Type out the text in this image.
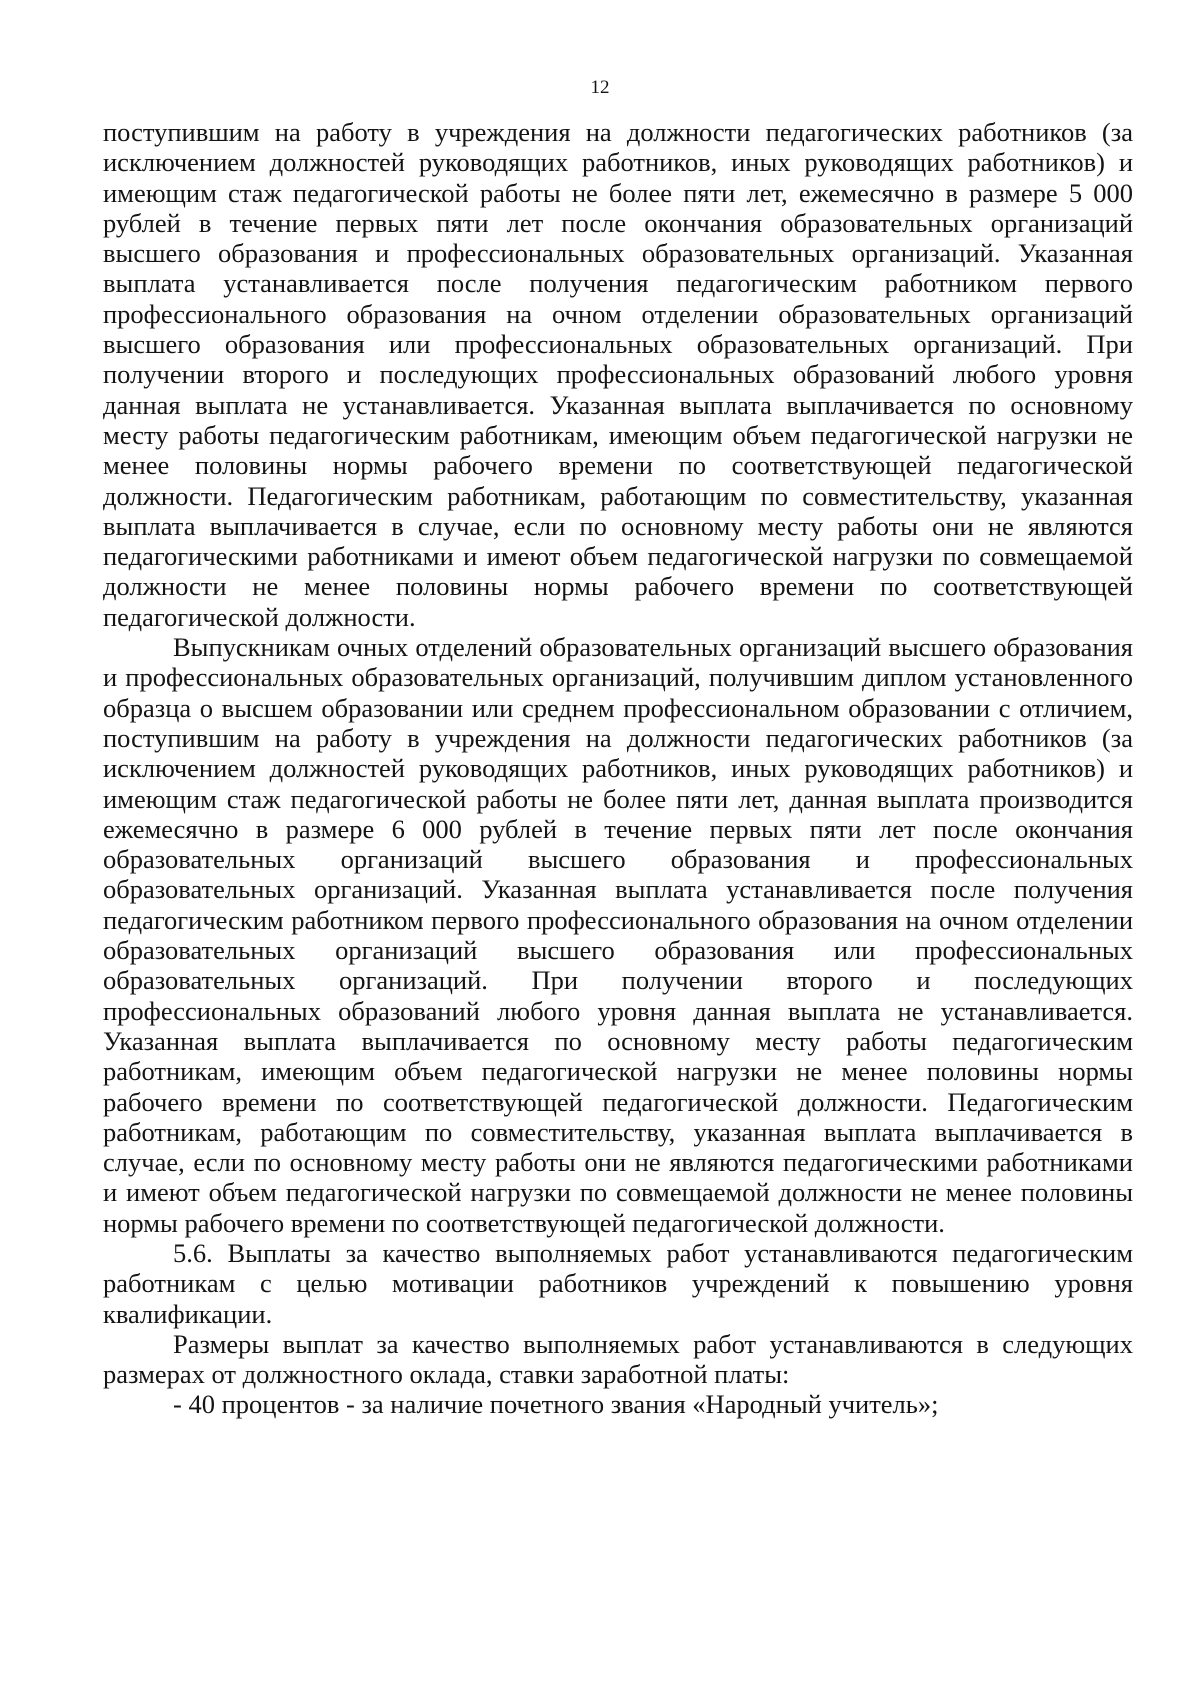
12

поступившим на работу в учреждения на должности педагогических работников (за исключением должностей руководящих работников, иных руководящих работников) и имеющим стаж педагогической работы не более пяти лет, ежемесячно в размере 5 000 рублей в течение первых пяти лет после окончания образовательных организаций высшего образования и профессиональных образовательных организаций. Указанная выплата устанавливается после получения педагогическим работником первого профессионального образования на очном отделении образовательных организаций высшего образования или профессиональных образовательных организаций. При получении второго и последующих профессиональных образований любого уровня данная выплата не устанавливается. Указанная выплата выплачивается по основному месту работы педагогическим работникам, имеющим объем педагогической нагрузки не менее половины нормы рабочего времени по соответствующей педагогической должности. Педагогическим работникам, работающим по совместительству, указанная выплата выплачивается в случае, если по основному месту работы они не являются педагогическими работниками и имеют объем педагогической нагрузки по совмещаемой должности не менее половины нормы рабочего времени по соответствующей педагогической должности.

Выпускникам очных отделений образовательных организаций высшего образования и профессиональных образовательных организаций, получившим диплом установленного образца о высшем образовании или среднем профессиональном образовании с отличием, поступившим на работу в учреждения на должности педагогических работников (за исключением должностей руководящих работников, иных руководящих работников) и имеющим стаж педагогической работы не более пяти лет, данная выплата производится ежемесячно в размере 6 000 рублей в течение первых пяти лет после окончания образовательных организаций высшего образования и профессиональных образовательных организаций. Указанная выплата устанавливается после получения педагогическим работником первого профессионального образования на очном отделении образовательных организаций высшего образования или профессиональных образовательных организаций. При получении второго и последующих профессиональных образований любого уровня данная выплата не устанавливается. Указанная выплата выплачивается по основному месту работы педагогическим работникам, имеющим объем педагогической нагрузки не менее половины нормы рабочего времени по соответствующей педагогической должности. Педагогическим работникам, работающим по совместительству, указанная выплата выплачивается в случае, если по основному месту работы они не являются педагогическими работниками и имеют объем педагогической нагрузки по совмещаемой должности не менее половины нормы рабочего времени по соответствующей педагогической должности.

5.6. Выплаты за качество выполняемых работ устанавливаются педагогическим работникам с целью мотивации работников учреждений к повышению уровня квалификации.

Размеры выплат за качество выполняемых работ устанавливаются в следующих размерах от должностного оклада, ставки заработной платы:

- 40 процентов - за наличие почетного звания «Народный учитель»;
